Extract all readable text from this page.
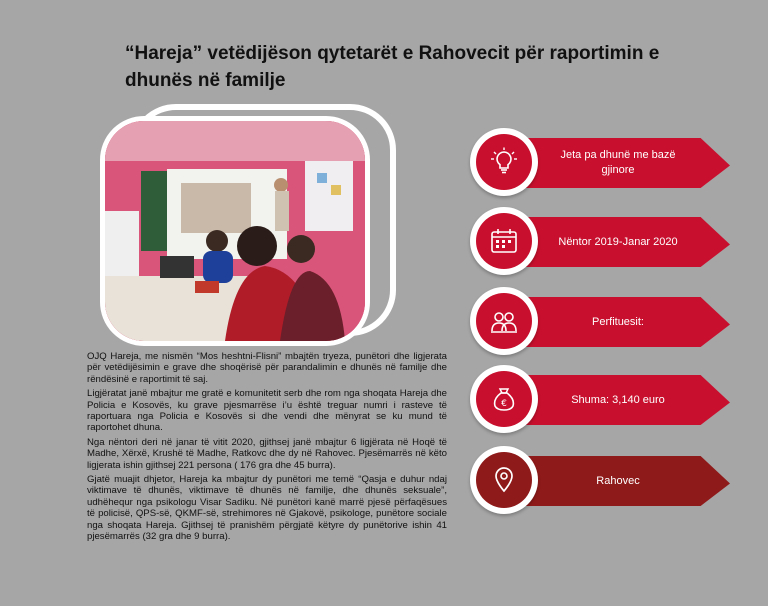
“Hareja” vetëdijëson qytetarët e Rahovecit për raportimin e dhunës në familje

OJQ Hareja, me nismën “Mos heshtni-Flisni” mbajtën tryeza, punëtori dhe ligjerata për vetëdijësimin e grave dhe shoqërisë për parandalimin e dhunës në familje dhe rëndësinë e raportimit të saj.

Ligjëratat janë mbajtur me gratë e komunitetit serb dhe rom nga shoqata Hareja dhe Policia e Kosovës, ku grave pjesmarrëse i’u është treguar numri i rasteve të raportuara nga Policia e Kosovës si dhe vendi dhe mënyrat se ku mund të raportohet dhuna.

Nga nëntori deri në janar të vitit 2020, gjithsej janë mbajtur 6 ligjërata në Hoqë të Madhe, Xërxë, Krushë të Madhe, Ratkovc dhe dy në Rahovec. Pjesëmarrës në këto ligjerata ishin gjithsej 221 persona ( 176 gra dhe 45 burra).

Gjatë muajit dhjetor, Hareja ka mbajtur dy punëtori me temë “Qasja e duhur ndaj viktimave të dhunës, viktimave të dhunës në familje, dhe dhunës seksuale”, udhëhequr nga psikologu Visar Sadiku. Në punëtori kanë marrë pjesë përfaqësues të policisë, QPS-së, QKMF-së, strehimores në Gjakovë, psikologe, punëtore sociale nga shoqata Hareja. Gjithsej të pranishëm përgjatë këtyre dy punëtorive ishin 41 pjesëmarrës (32 gra dhe 9 burra).

Jeta pa dhunë me bazë gjinore
Nëntor 2019-Janar 2020
Perfituesit:
Shuma: 3,140 euro
€
Rahovec
